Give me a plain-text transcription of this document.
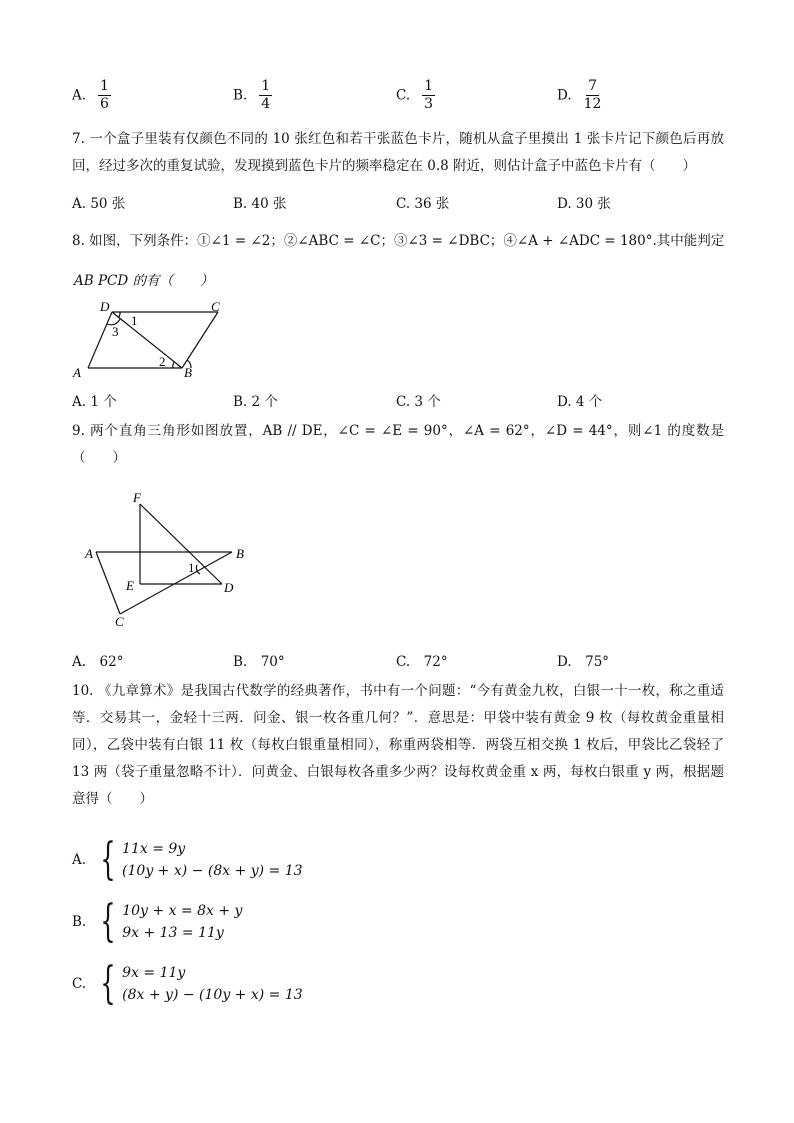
A. $\frac{1}{6}$	B. $\frac{1}{4}$	C. $\frac{1}{3}$	D. $\frac{7}{12}$
7. 一个盒子里装有仅颜色不同的 10 张红色和若干张蓝色卡片，随机从盒子里摸出 1 张卡片记下颜色后再放回，经过多次的重复试验，发现摸到蓝色卡片的频率稳定在 0.8 附近，则估计盒子中蓝色卡片有（　　）
A. 50 张	B. 40 张	C. 36 张	D. 30 张
8. 如图，下列条件：①∠1 = ∠2；②∠ABC = ∠C；③∠3 = ∠DBC；④∠A + ∠ADC = 180°.其中能判定
AB PCD 的有（　　）
D	C
A	B
1
3
2
A. 1 个	B. 2 个	C. 3 个	D. 4 个
9. 两个直角三角形如图放置，AB // DE，∠C = ∠E = 90°，∠A = 62°，∠D = 44°，则∠1 的度数是（　　）
F
A	B
E	D
C
1
A.　62°	B.　70°	C.　72°	D.　75°
10. 《九章算术》是我国古代数学的经典著作，书中有一个问题：“今有黄金九枚，白银一十一枚，称之重适等．交易其一，金轻十三两．问金、银一枚各重几何？”．意思是：甲袋中装有黄金 9 枚（每枚黄金重量相同），乙袋中装有白银 11 枚（每枚白银重量相同），称重两袋相等．两袋互相交换 1 枚后，甲袋比乙袋轻了 13 两（袋子重量忽略不计）．问黄金、白银每枚各重多少两？设每枚黄金重 x 两，每枚白银重 y 两，根据题意得（　　）
A. { 11x = 9y
(10y + x) − (8x + y) = 13
B. { 10y + x = 8x + y
9x + 13 = 11y
C. { 9x = 11y
(8x + y) − (10y + x) = 13
